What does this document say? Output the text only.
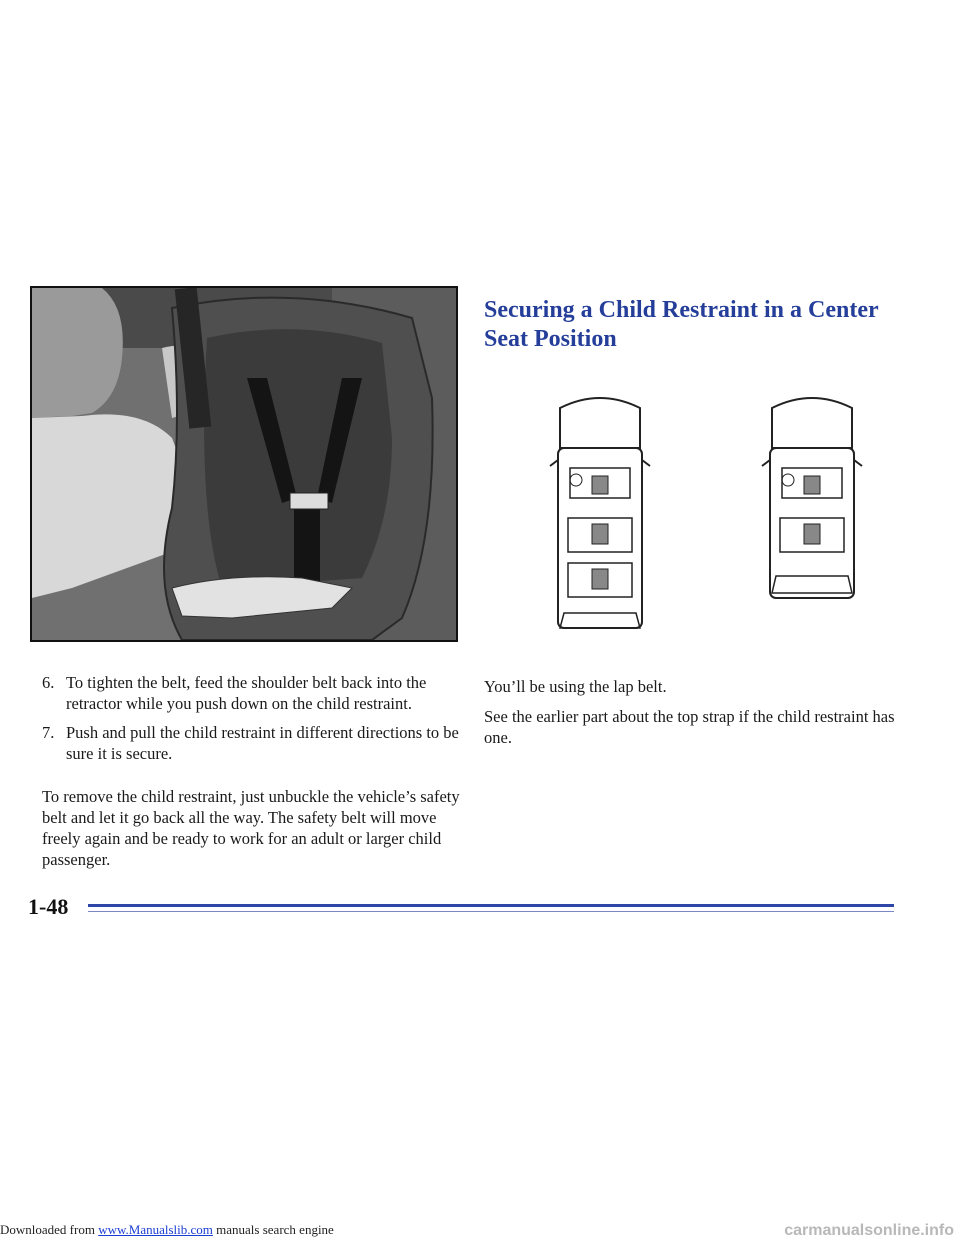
Securing a Child Restraint in a Center Seat Position
6. To tighten the belt, feed the shoulder belt back into the retractor while you push down on the child restraint.
7. Push and pull the child restraint in different directions to be sure it is secure.

To remove the child restraint, just unbuckle the vehicle’s safety belt and let it go back all the way. The safety belt will move freely again and be ready to work for an adult or larger child passenger.

You’ll be using the lap belt.

See the earlier part about the top strap if the child restraint has one.

1-48

Downloaded from www.Manualslib.com manuals search engine	carmanualsonline.info
